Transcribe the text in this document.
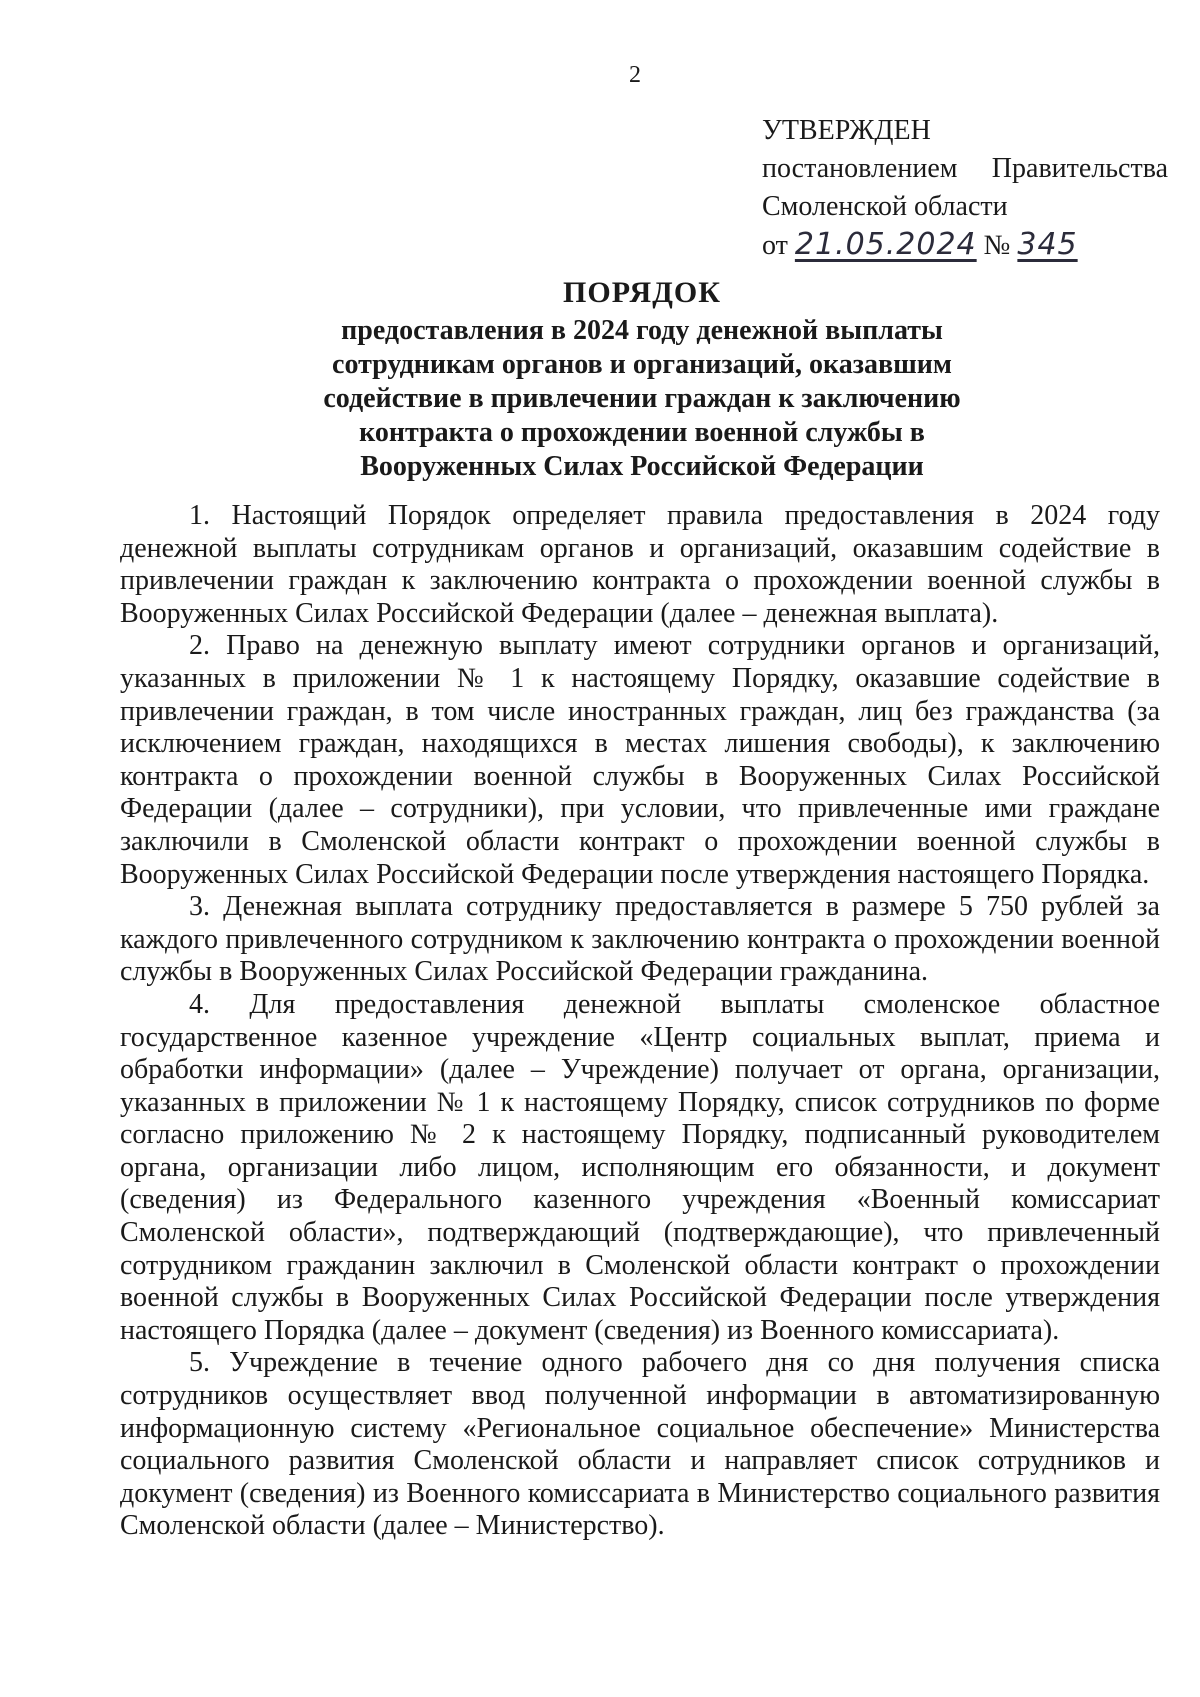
2
УТВЕРЖДЕН
постановлением Правительства
Смоленской области
от 21.05.2024 № 345
ПОРЯДОК
предоставления в 2024 году денежной выплаты
сотрудникам органов и организаций, оказавшим
содействие в привлечении граждан к заключению
контракта о прохождении военной службы в
Вооруженных Силах Российской Федерации

1. Настоящий Порядок определяет правила предоставления в 2024 году денежной выплаты сотрудникам органов и организаций, оказавшим содействие в привлечении граждан к заключению контракта о прохождении военной службы в Вооруженных Силах Российской Федерации (далее – денежная выплата).

2. Право на денежную выплату имеют сотрудники органов и организаций, указанных в приложении № 1 к настоящему Порядку, оказавшие содействие в привлечении граждан, в том числе иностранных граждан, лиц без гражданства (за исключением граждан, находящихся в местах лишения свободы), к заключению контракта о прохождении военной службы в Вооруженных Силах Российской Федерации (далее – сотрудники), при условии, что привлеченные ими граждане заключили в Смоленской области контракт о прохождении военной службы в Вооруженных Силах Российской Федерации после утверждения настоящего Порядка.

3. Денежная выплата сотруднику предоставляется в размере 5 750 рублей за каждого привлеченного сотрудником к заключению контракта о прохождении военной службы в Вооруженных Силах Российской Федерации гражданина.

4. Для предоставления денежной выплаты смоленское областное государственное казенное учреждение «Центр социальных выплат, приема и обработки информации» (далее – Учреждение) получает от органа, организации, указанных в приложении № 1 к настоящему Порядку, список сотрудников по форме согласно приложению № 2 к настоящему Порядку, подписанный руководителем органа, организации либо лицом, исполняющим его обязанности, и документ (сведения) из Федерального казенного учреждения «Военный комиссариат Смоленской области», подтверждающий (подтверждающие), что привлеченный сотрудником гражданин заключил в Смоленской области контракт о прохождении военной службы в Вооруженных Силах Российской Федерации после утверждения настоящего Порядка (далее – документ (сведения) из Военного комиссариата).

5. Учреждение в течение одного рабочего дня со дня получения списка сотрудников осуществляет ввод полученной информации в автоматизированную информационную систему «Региональное социальное обеспечение» Министерства социального развития Смоленской области и направляет список сотрудников и документ (сведения) из Военного комиссариата в Министерство социального развития Смоленской области (далее – Министерство).
